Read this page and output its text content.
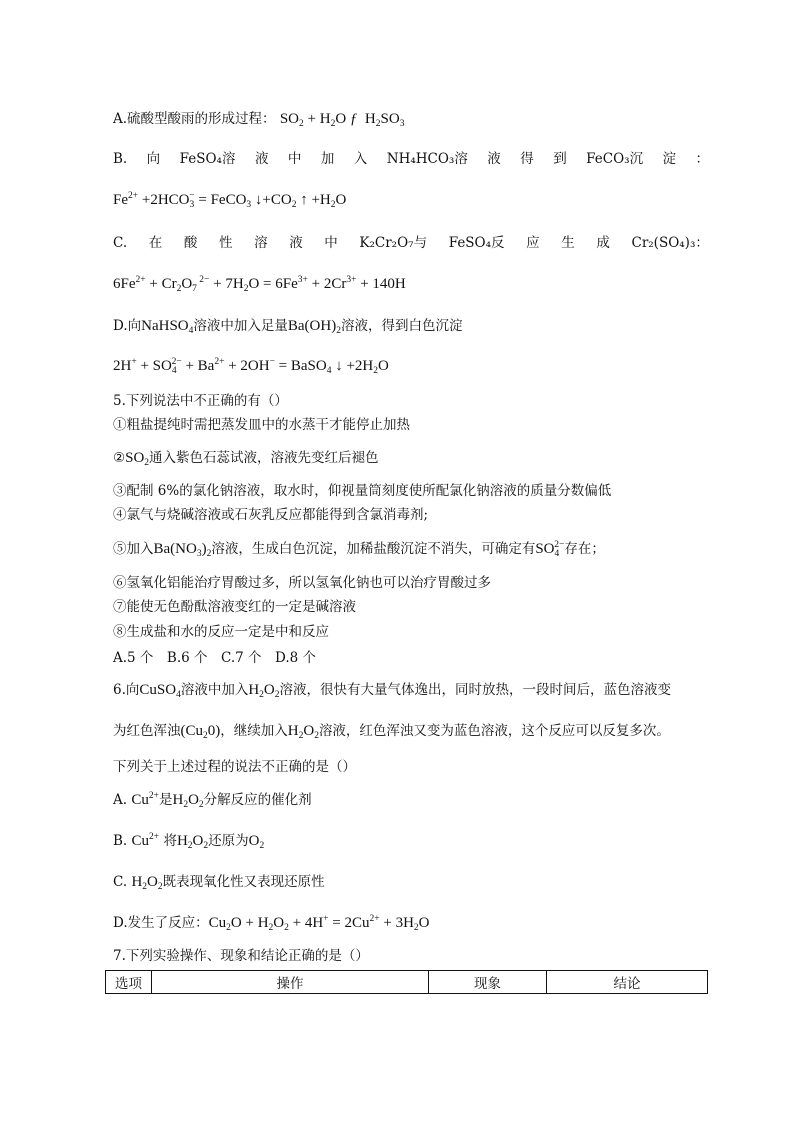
A.硫酸型酸雨的形成过程： $SO_2 + H_2O$ ƒ  $H_2SO_3$
B. 向 FeSO₄溶 液 中 加 入 NH₄HCO₃溶 液 得 到 FeCO₃沉 淀 ：
$Fe^{2+} +2HCO_3^-$ = FeCO$_3$ $↓+CO_2$ ↑ $+H_2O$
C. 在 酸 性 溶 液 中 K₂Cr₂O₇与 FeSO₄反 应 生 成 Cr₂(SO₄)₃：
$6Fe^{2+} + Cr_2O_7$ $^{2-} + 7H_2O = 6Fe^{3+} + 2Cr^{3+} + 140H$
D.向NaHSO$_4$溶液中加入足量$Ba(OH)_2$溶液，得到白色沉淀
$2H^+ + SO_4^{2-} + Ba^{2+} + 2OH^-$ = BaSO$_4$ ↓ $+2H_2O$
5.下列说法中不正确的有（）
①粗盐提纯时需把蒸发皿中的水蒸干才能停止加热
$②SO_2$通入紫色石蕊试液，溶液先变红后褪色
③配制 6%的氯化钠溶液，取水时，仰视量筒刻度使所配氯化钠溶液的质量分数偏低
④氯气与烧碱溶液或石灰乳反应都能得到含氯消毒剂;
⑤加入$Ba(NO_3)_2$溶液，生成白色沉淀，加稀盐酸沉淀不消失，可确定有$SO_4^{2-}$存在；
⑥氢氧化铝能治疗胃酸过多，所以氢氧化钠也可以治疗胃酸过多
⑦能使无色酚酞溶液变红的一定是碱溶液
⑧生成盐和水的反应一定是中和反应
A.5 个　B.6 个　C.7 个　D.8 个
6.向CuSO$_4$溶液中加入$H_2O_2$溶液，很快有大量气体逸出，同时放热，一段时间后，蓝色溶液变
为红色浑浊$(Cu_20)$，继续加入$H_2O_2$溶液，红色浑浊又变为蓝色溶液，这个反应可以反复多次。
下列关于上述过程的说法不正确的是（）
A. $Cu^{2+}$是$H_2O_2$分解反应的催化剂
B. $Cu^{2+}$ 将$H_2O_2$还原为$O_2$
C. $H_2O_2$既表现氧化性又表现还原性
D.发生了反应：$Cu_2O + H_2O_2 + 4H^+ = 2Cu^{2+} + 3H_2O$
7.下列实验操作、现象和结论正确的是（）
选项	操作	现象	结论
